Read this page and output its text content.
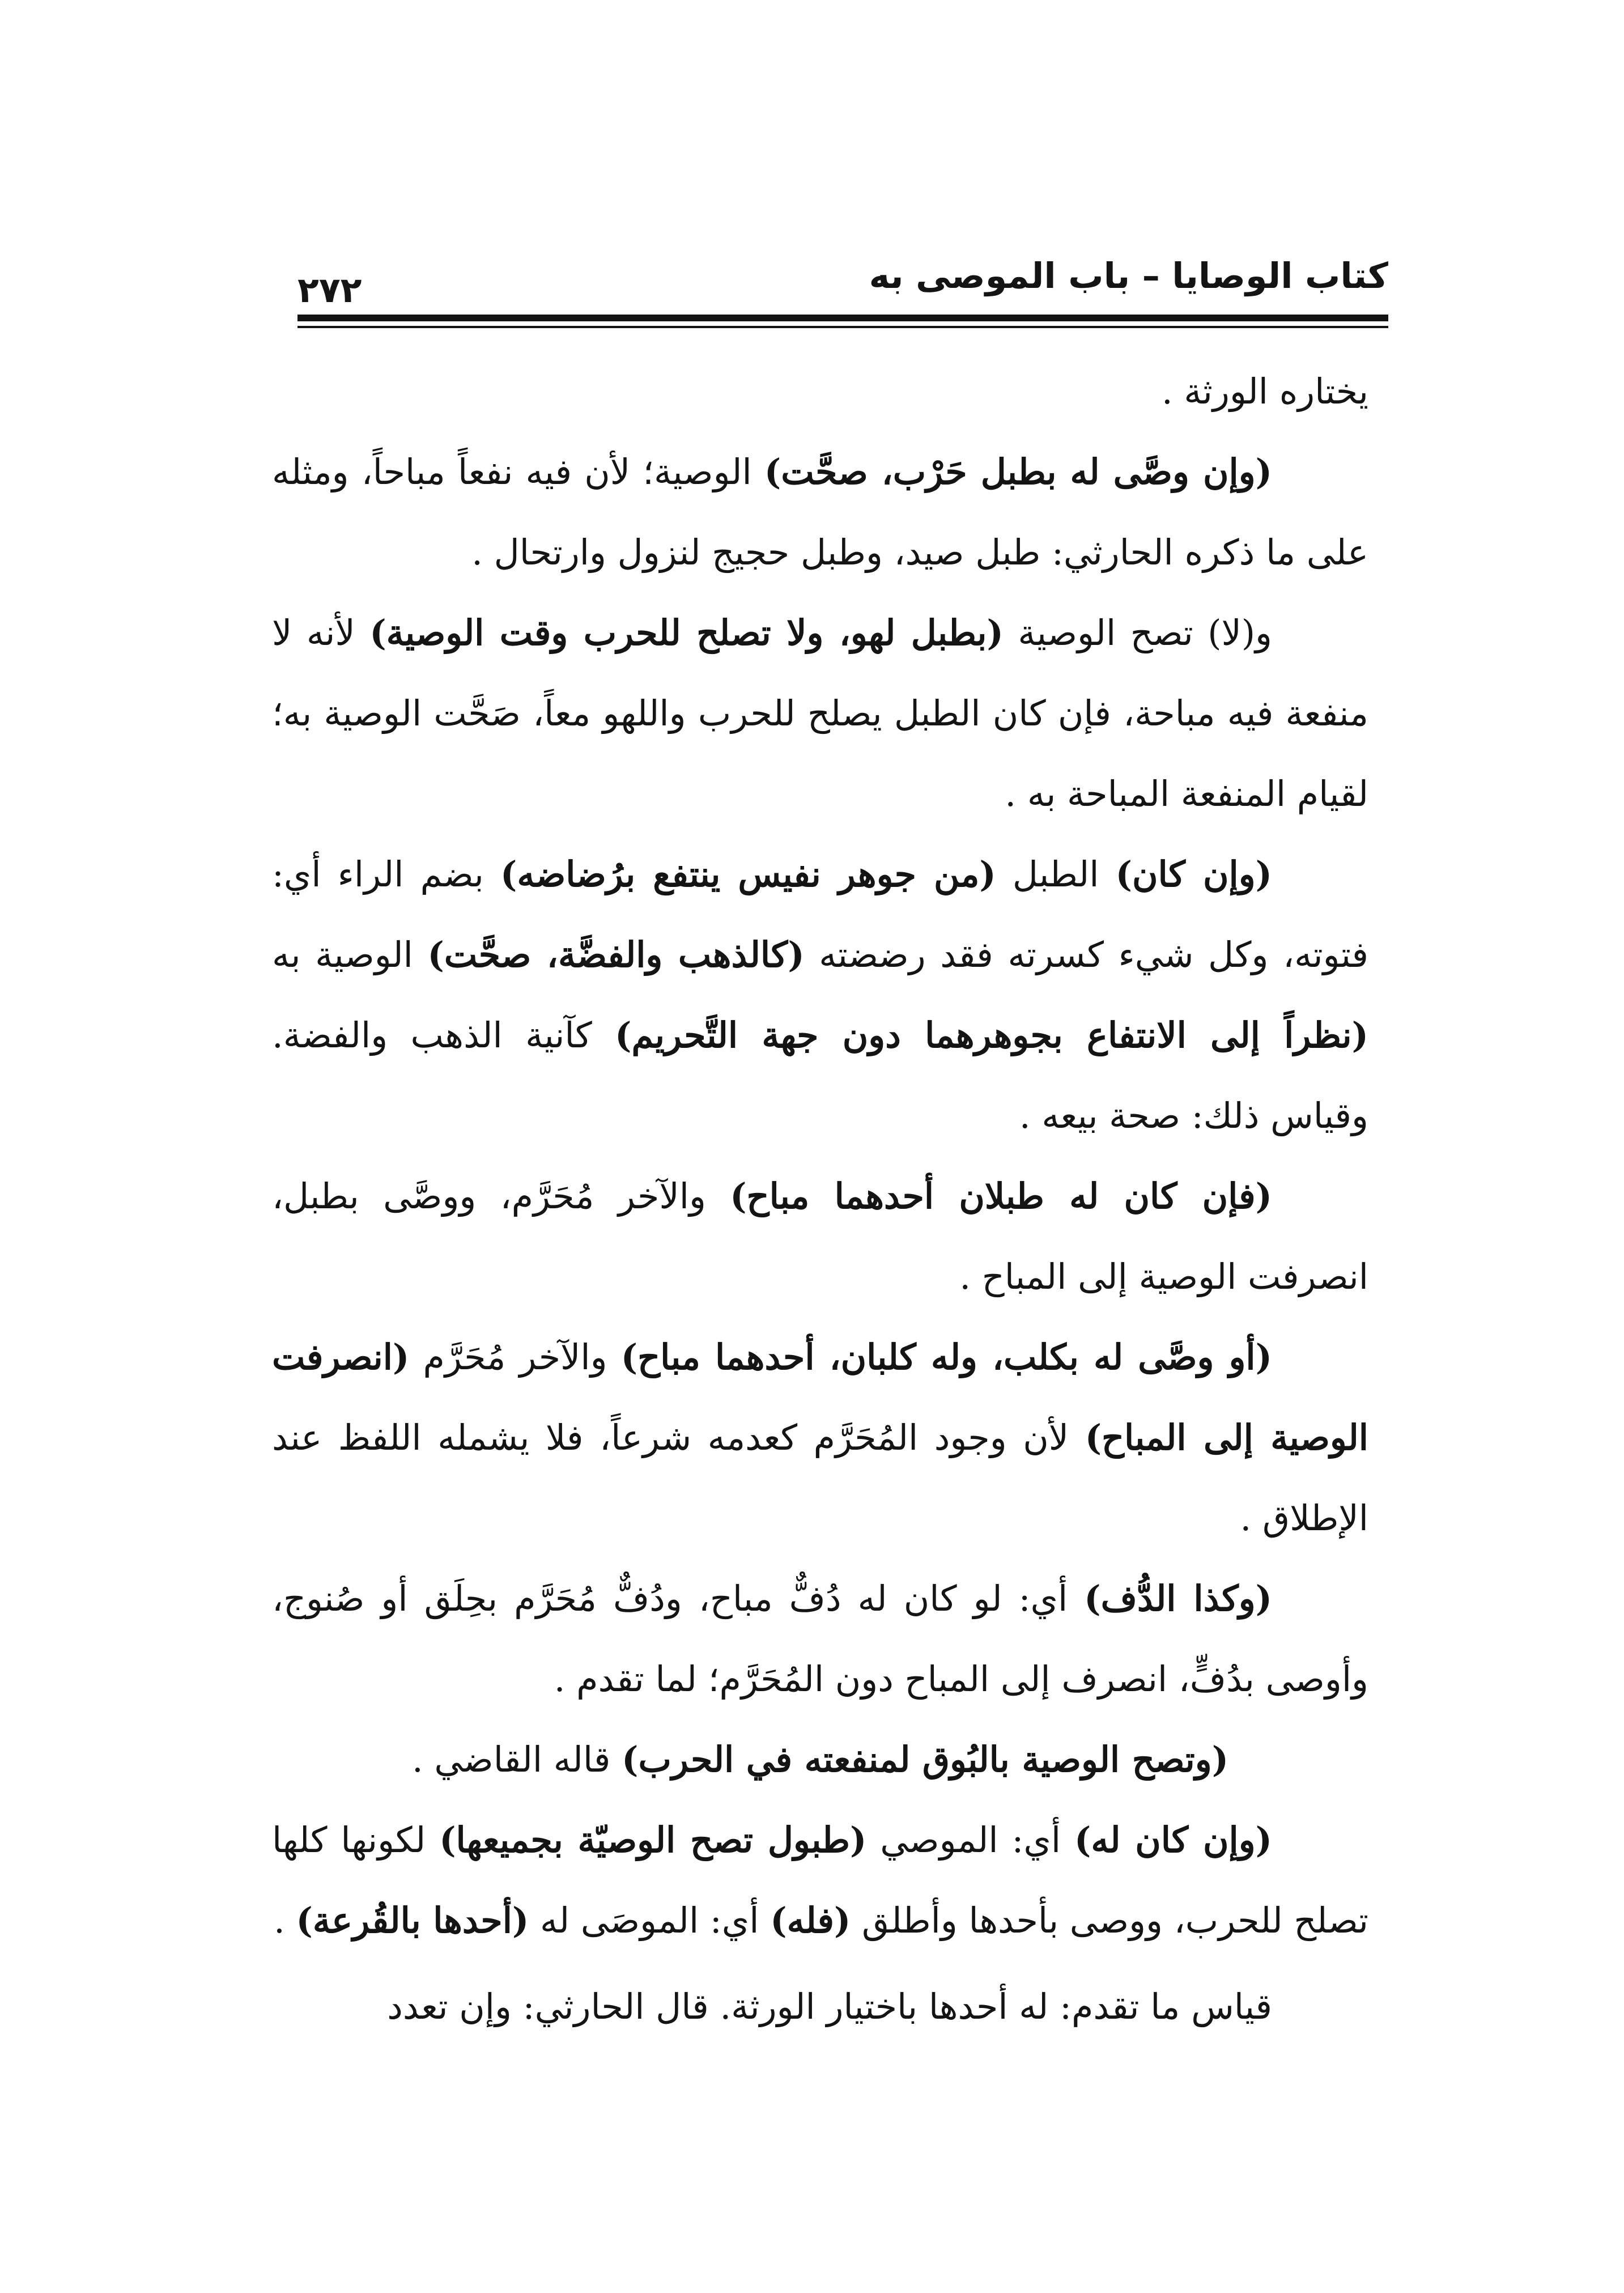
كتاب الوصايا – باب الموصى به
٢٧٢

يختاره الورثة .

(وإن وصَّى له بطبل حَرْب، صحَّت) الوصية؛ لأن فيه نفعاً مباحاً، ومثله على ما ذكره الحارثي: طبل صيد، وطبل حجيج لنزول وارتحال .

و(لا) تصح الوصية (بطبل لهو، ولا تصلح للحرب وقت الوصية) لأنه لا منفعة فيه مباحة، فإن كان الطبل يصلح للحرب واللهو معاً، صَحَّت الوصية به؛ لقيام المنفعة المباحة به .

(وإن كان) الطبل (من جوهر نفيس ينتفع برُضاضه) بضم الراء أي: فتوته، وكل شيء كسرته فقد رضضته (كالذهب والفضَّة، صحَّت) الوصية به (نظراً إلى الانتفاع بجوهرهما دون جهة التَّحريم) كآنية الذهب والفضة. وقياس ذلك: صحة بيعه .

(فإن كان له طبلان أحدهما مباح) والآخر مُحَرَّم، ووصَّى بطبل، انصرفت الوصية إلى المباح .

(أو وصَّى له بكلب، وله كلبان، أحدهما مباح) والآخر مُحَرَّم (انصرفت الوصية إلى المباح) لأن وجود المُحَرَّم كعدمه شرعاً، فلا يشمله اللفظ عند الإطلاق .

(وكذا الدُّف) أي: لو كان له دُفٌّ مباح، ودُفٌّ مُحَرَّم بحِلَق أو صُنوج، وأوصى بدُفٍّ، انصرف إلى المباح دون المُحَرَّم؛ لما تقدم .

(وتصح الوصية بالبُوق لمنفعته في الحرب) قاله القاضي .

(وإن كان له) أي: الموصي (طبول تصح الوصيّة بجميعها) لكونها كلها تصلح للحرب، ووصى بأحدها وأطلق (فله) أي: الموصَى له (أحدها بالقُرعة) .

قياس ما تقدم: له أحدها باختيار الورثة. قال الحارثي: وإن تعدد
